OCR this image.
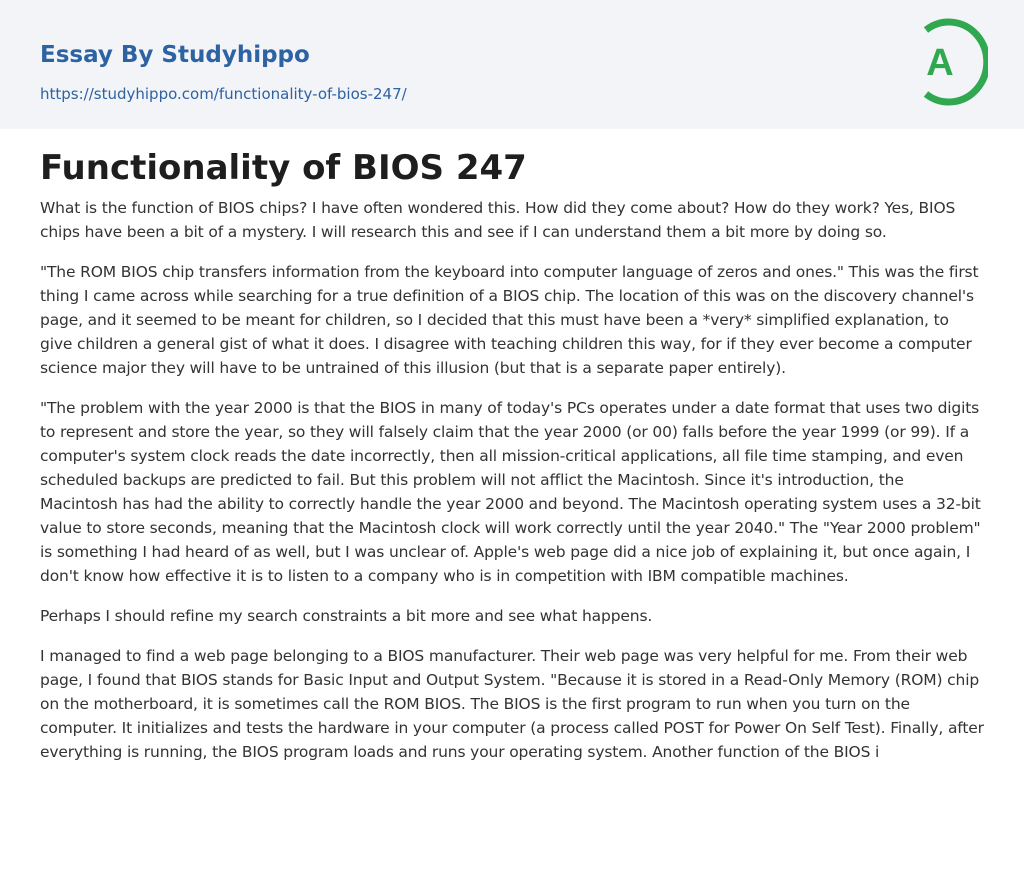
Essay By Studyhippo
https://studyhippo.com/functionality-of-bios-247/
A
Functionality of BIOS 247

What is the function of BIOS chips? I have often wondered this. How did they come about? How do they work? Yes, BIOS chips have been a bit of a mystery. I will research this and see if I can understand them a bit more by doing so.

"The ROM BIOS chip transfers information from the keyboard into computer language of zeros and ones." This was the first thing I came across while searching for a true definition of a BIOS chip. The location of this was on the discovery channel's page, and it seemed to be meant for children, so I decided that this must have been a *very* simplified explanation, to give children a general gist of what it does. I disagree with teaching children this way, for if they ever become a computer science major they will have to be untrained of this illusion (but that is a separate paper entirely).

"The problem with the year 2000 is that the BIOS in many of today's PCs operates under a date format that uses two digits to represent and store the year, so they will falsely claim that the year 2000 (or 00) falls before the year 1999 (or 99). If a computer's system clock reads the date incorrectly, then all mission-critical applications, all file time stamping, and even scheduled backups are predicted to fail. But this problem will not afflict the Macintosh. Since it's introduction, the Macintosh has had the ability to correctly handle the year 2000 and beyond. The Macintosh operating system uses a 32-bit value to store seconds, meaning that the Macintosh clock will work correctly until the year 2040." The "Year 2000 problem" is something I had heard of as well, but I was unclear of. Apple's web page did a nice job of explaining it, but once again, I don't know how effective it is to listen to a company who is in competition with IBM compatible machines.

Perhaps I should refine my search constraints a bit more and see what happens.

I managed to find a web page belonging to a BIOS manufacturer. Their web page was very helpful for me. From their web page, I found that BIOS stands for Basic Input and Output System. "Because it is stored in a Read-Only Memory (ROM) chip on the motherboard, it is sometimes call the ROM BIOS. The BIOS is the first program to run when you turn on the computer. It initializes and tests the hardware in your computer (a process called POST for Power On Self Test). Finally, after everything is running, the BIOS program loads and runs your operating system. Another function of the BIOS i
